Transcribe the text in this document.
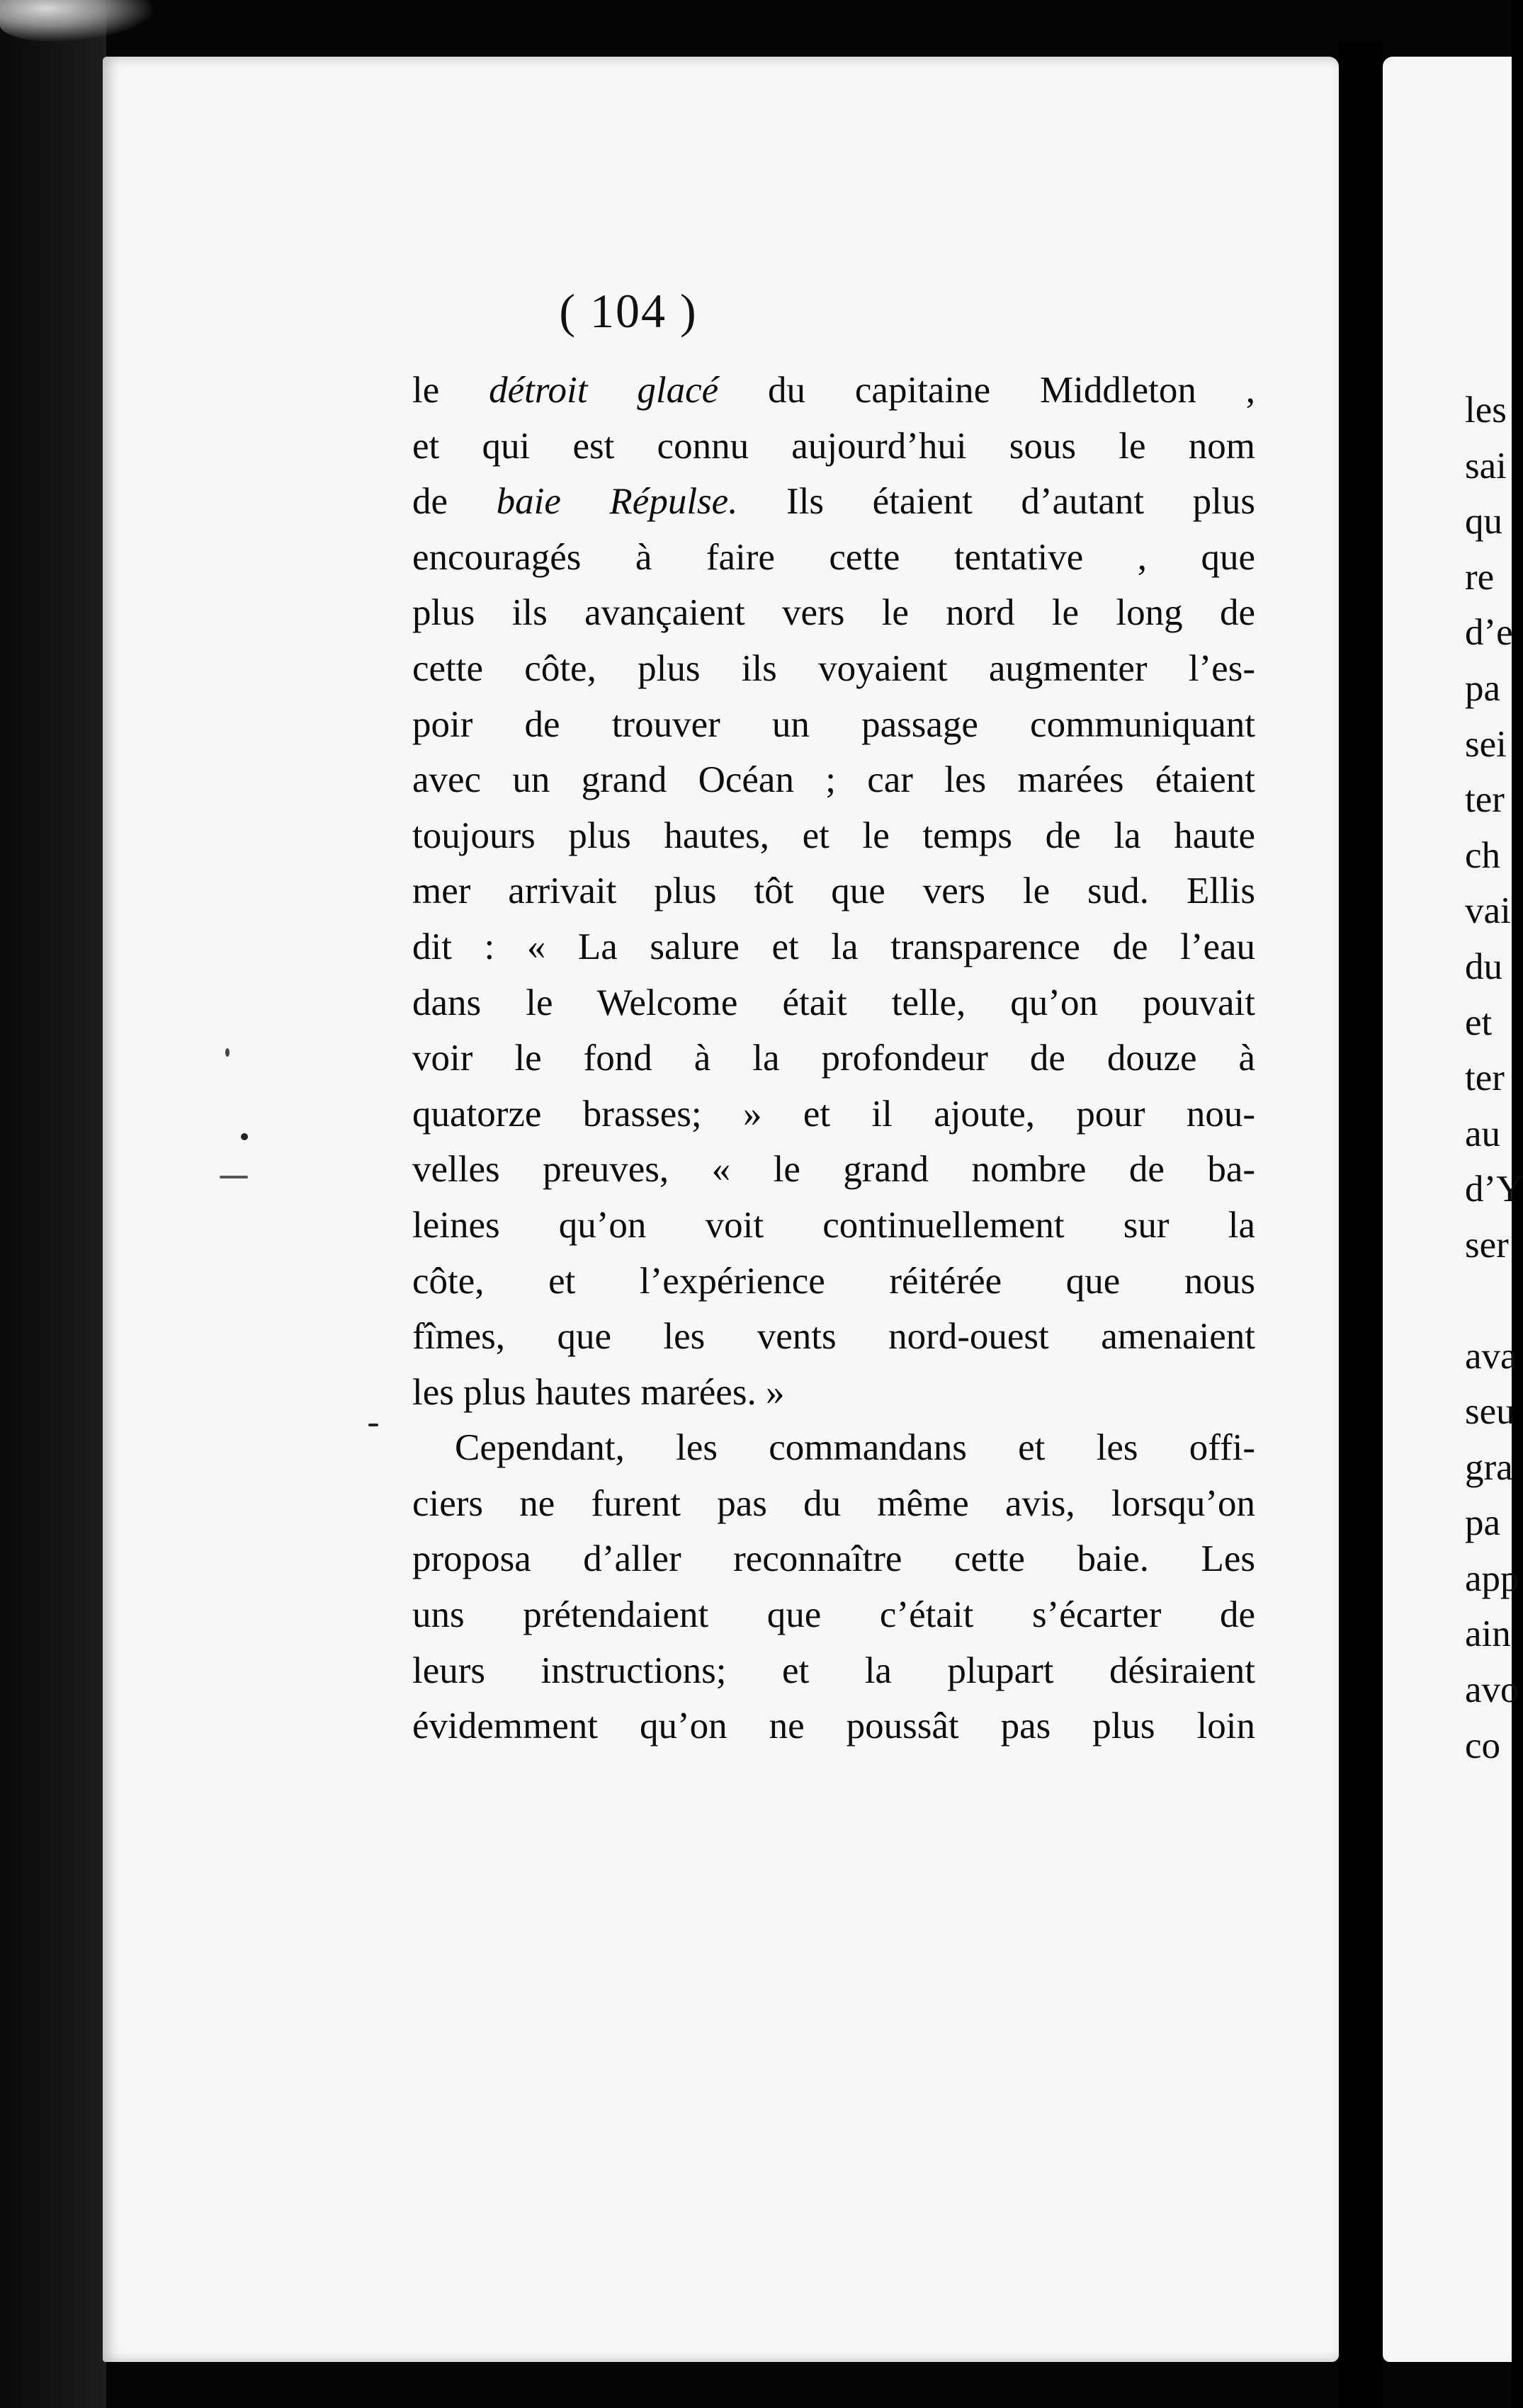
( 104 )
le détroit glacé du capitaine Middleton ,
et qui est connu aujourd’hui sous le nom
de baie Répulse. Ils étaient d’autant plus
encouragés à faire cette tentative , que
plus ils avançaient vers le nord le long de
cette côte, plus ils voyaient augmenter l’es-
poir de trouver un passage communiquant
avec un grand Océan ; car les marées étaient
toujours plus hautes, et le temps de la haute
mer arrivait plus tôt que vers le sud. Ellis
dit : « La salure et la transparence de l’eau
dans le Welcome était telle, qu’on pouvait
voir le fond à la profondeur de douze à
quatorze brasses; » et il ajoute, pour nou-
velles preuves, « le grand nombre de ba-
leines qu’on voit continuellement sur la
côte, et l’expérience réitérée que nous
fîmes, que les vents nord-ouest amenaient
les plus hautes marées. »
Cependant, les commandans et les offi-
ciers ne furent pas du même avis, lorsqu’on
proposa d’aller reconnaître cette baie. Les
uns prétendaient que c’était s’écarter de
leurs instructions; et la plupart désiraient
évidemment qu’on ne poussât pas plus loin
les
sai
qu
re
d’e
pa
sei
ter
ch
vai
du
et
ter
au
d’Y
ser
ava
seu
gra
pa
app
ain
avo
co
